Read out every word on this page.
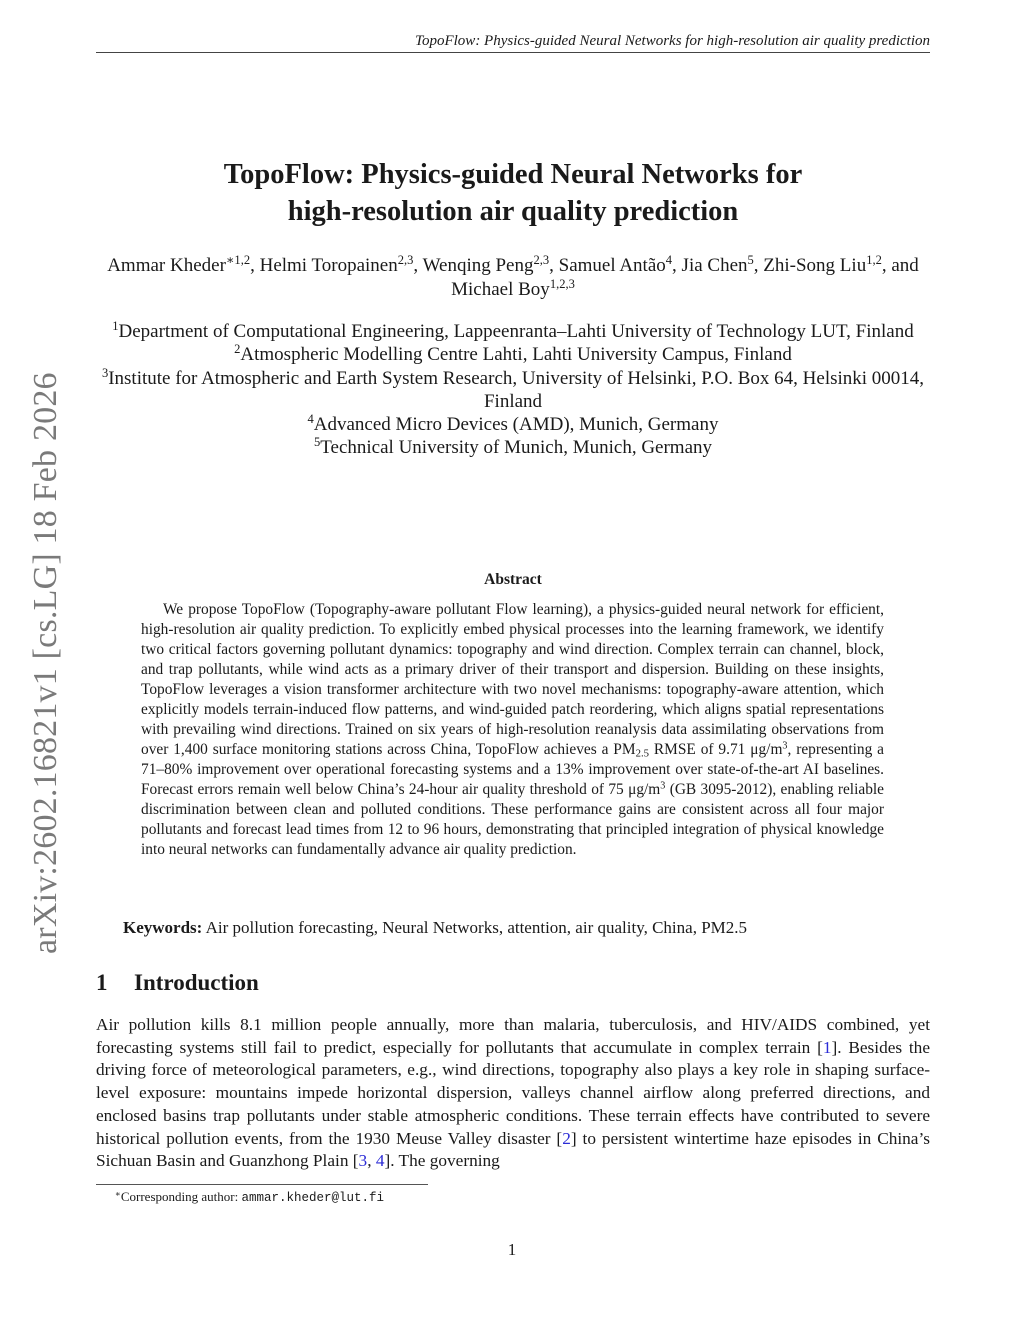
TopoFlow: Physics-guided Neural Networks for high-resolution air quality prediction
arXiv:2602.16821v1 [cs.LG] 18 Feb 2026
TopoFlow: Physics-guided Neural Networks for
high-resolution air quality prediction
Ammar Kheder$^{∗1,2}$, Helmi Toropainen$^{2,3}$, Wenqing Peng$^{2,3}$, Samuel Antão$^4$, Jia Chen$^5$, Zhi-Song Liu$^{1,2}$, and Michael Boy$^{1,2,3}$
$^1$Department of Computational Engineering, Lappeenranta–Lahti University of Technology LUT, Finland
$^2$Atmospheric Modelling Centre Lahti, Lahti University Campus, Finland
$^3$Institute for Atmospheric and Earth System Research, University of Helsinki, P.O. Box 64, Helsinki 00014, Finland
$^4$Advanced Micro Devices (AMD), Munich, Germany
$^5$Technical University of Munich, Munich, Germany
Abstract
We propose TopoFlow (Topography-aware pollutant Flow learning), a physics-guided neural network for efficient, high-resolution air quality prediction. To explicitly embed physical processes into the learning framework, we identify two critical factors governing pollutant dynamics: topography and wind direction. Complex terrain can channel, block, and trap pollutants, while wind acts as a primary driver of their transport and dispersion. Building on these insights, TopoFlow leverages a vision transformer architecture with two novel mechanisms: topography-aware attention, which explicitly models terrain-induced flow patterns, and wind-guided patch reordering, which aligns spatial representations with prevailing wind directions. Trained on six years of high-resolution reanalysis data assimilating observations from over 1,400 surface monitoring stations across China, TopoFlow achieves a $PM_{2.5}$ RMSE of 9.71 $\mu g/m^3$, representing a 71–80% improvement over operational forecasting systems and a 13% improvement over state-of-the-art AI baselines. Forecast errors remain well below China’s 24-hour air quality threshold of 75 $\mu g/m^3$ (GB 3095-2012), enabling reliable discrimination between clean and polluted conditions. These performance gains are consistent across all four major pollutants and forecast lead times from 12 to 96 hours, demonstrating that principled integration of physical knowledge into neural networks can fundamentally advance air quality prediction.
Keywords: Air pollution forecasting, Neural Networks, attention, air quality, China, PM2.5
1 Introduction
Air pollution kills 8.1 million people annually, more than malaria, tuberculosis, and HIV/AIDS combined, yet forecasting systems still fail to predict, especially for pollutants that accumulate in complex terrain [1]. Besides the driving force of meteorological parameters, e.g., wind directions, topography also plays a key role in shaping surface-level exposure: mountains impede horizontal dispersion, valleys channel airflow along preferred directions, and enclosed basins trap pollutants under stable atmospheric conditions. These terrain effects have contributed to severe historical pollution events, from the 1930 Meuse Valley disaster [2] to persistent wintertime haze episodes in China’s Sichuan Basin and Guanzhong Plain [3, 4]. The governing
∗Corresponding author: ammar.kheder@lut.fi
1
